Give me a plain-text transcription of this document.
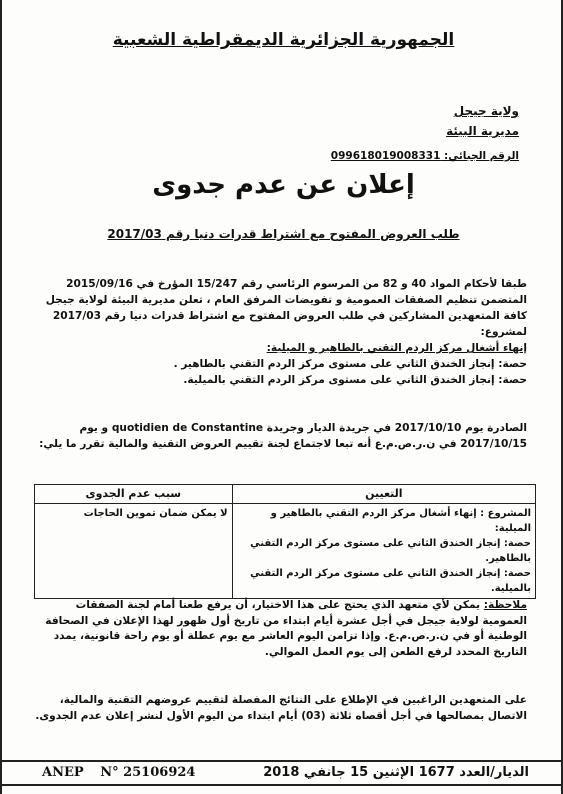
الجمهورية الجزائرية الديمقراطية الشعبية
ولاية جيجل
مديرية البيئة
الرقم الجبائي: 099618019008331
إعلان عن عدم جدوى
طلب العروض المفتوح مع اشتراط قدرات دنيا رقم 2017/03
طبقا لأحكام المواد 40 و 82 من المرسوم الرئاسي رقم 15/247 المؤرخ في 2015/09/16 المتضمن تنظيم الصفقات العمومية و تفويضات المرفق العام ، تعلن مديرية البيئة لولاية جيجل كافة المتعهدين المشاركين في طلب العروض المفتوح مع اشتراط قدرات دنيا رقم 2017/03 لمشروع:
إنهاء أشغال مركز الردم التقني بالطاهير و الميلية:
حصة: إنجاز الخندق الثاني على مستوى مركز الردم التقني بالطاهير .
حصة: إنجاز الخندق الثاني على مستوى مركز الردم التقني بالميلية.
الصادرة يوم 2017/10/10 في جريدة الديار وجريدة quotidien de Constantine و يوم 2017/10/15 في ن.ر.ص.م.ع أنه تبعا لاجتماع لجنة تقييم العروض التقنية والمالية تقرر ما يلي:
التعيين	سبب عدم الجدوى

المشروع : إنهاء أشغال مركز الردم التقني بالطاهير و الميلية:
حصة: إنجاز الخندق الثاني على مستوى مركز الردم التقني بالطاهير.
حصة: إنجاز الخندق الثاني على مستوى مركز الردم التقني بالميلية.	لا يمكن ضمان تموين الحاجات
ملاحظة: يمكن لأي متعهد الذي يحتج على هذا الاختيار، أن يرفع طعنا أمام لجنة الصفقات العمومية لولاية جيجل في أجل عشرة أيام ابتداء من تاريخ أول ظهور لهذا الإعلان في الصحافة الوطنية أو في ن.ر.ص.م.ع. وإذا تزامن اليوم العاشر مع يوم عطلة أو يوم راحة قانونية، يمدد التاريخ المحدد لرفع الطعن إلى يوم العمل الموالي.
على المتعهدين الراغبين في الإطلاع على النتائج المفصلة لتقييم عروضهم التقنية والمالية، الاتصال بمصالحها في أجل أقصاه ثلاثة (03) أيام ابتداء من اليوم الأول لنشر إعلان عدم الجدوى.
الديار/العدد 1677 الإثنين 15 جانفي 2018
ANEP N° 25106924
